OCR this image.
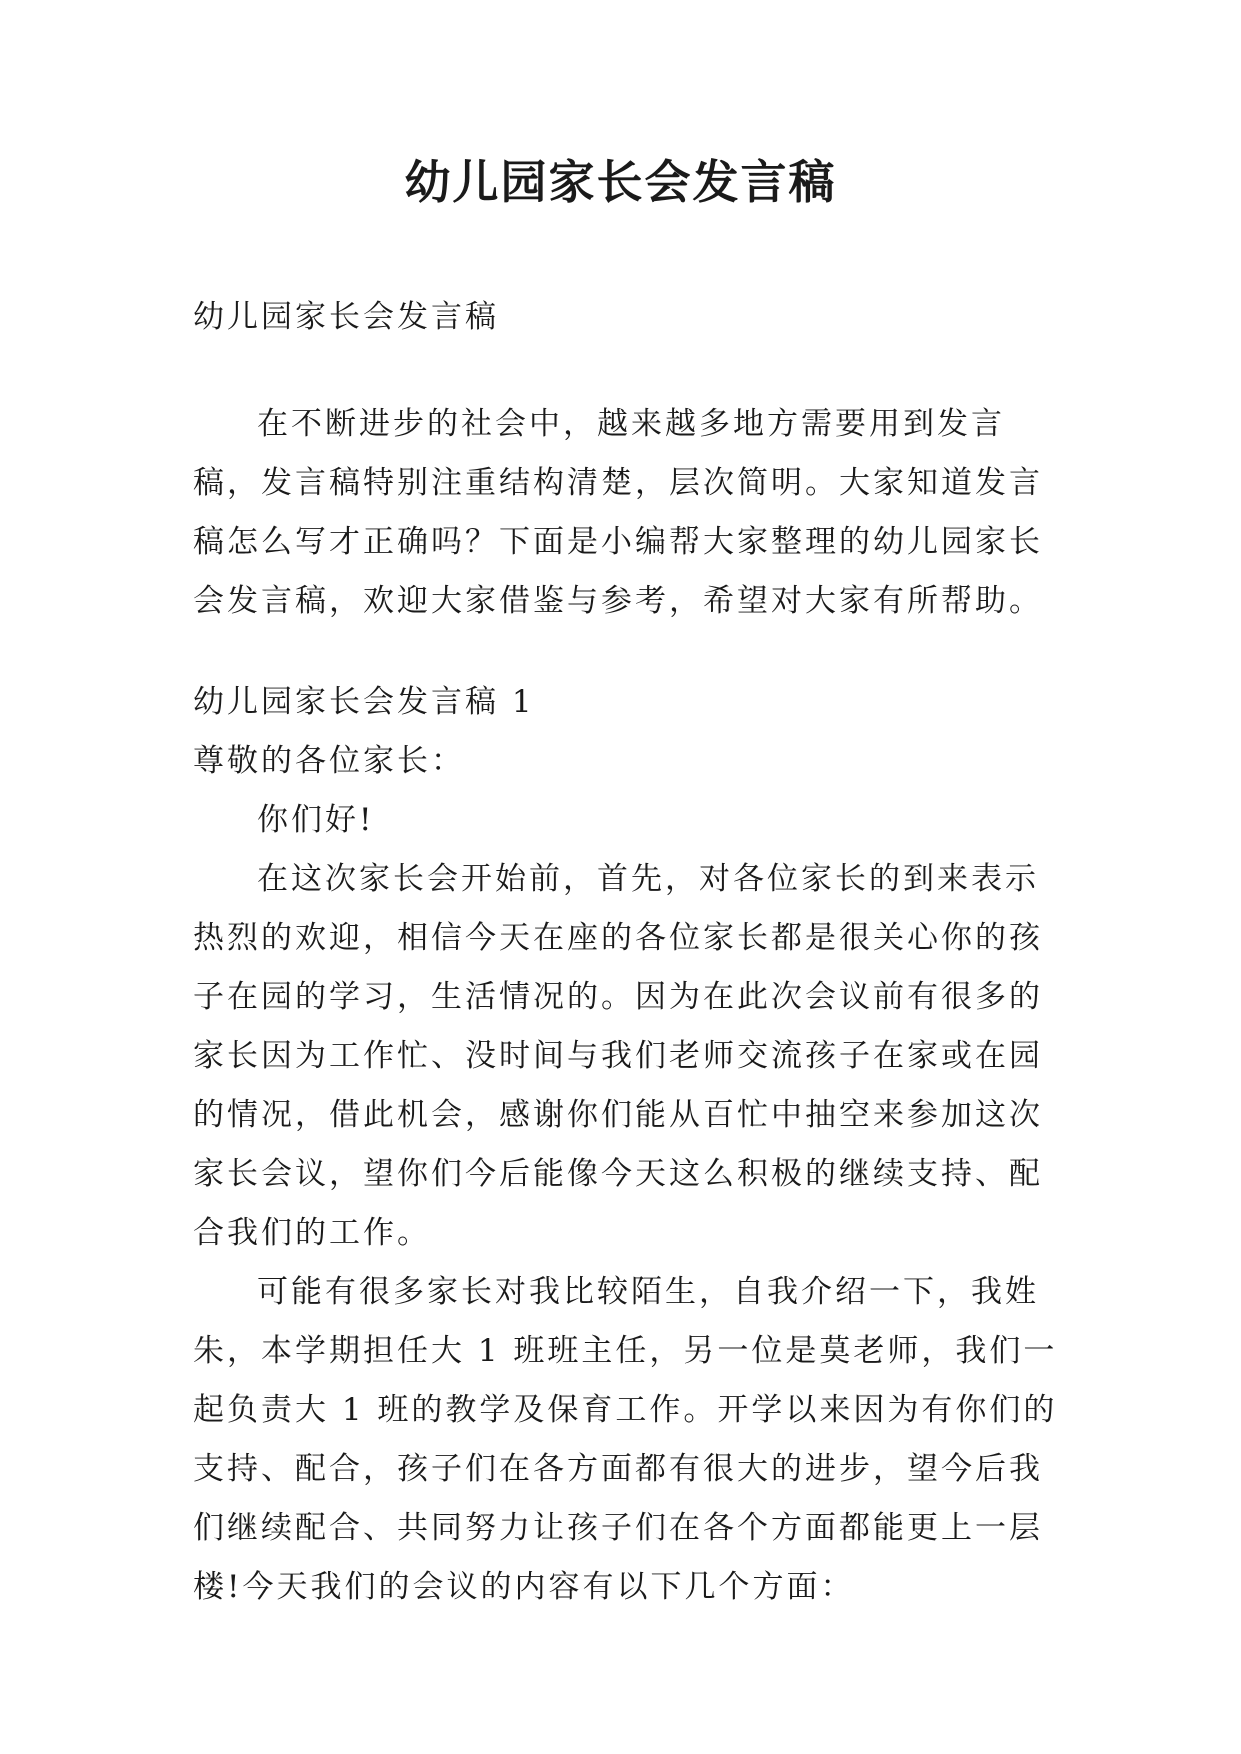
幼儿园家长会发言稿

幼儿园家长会发言稿

在不断进步的社会中，越来越多地方需要用到发言稿，发言稿特别注重结构清楚，层次简明。大家知道发言稿怎么写才正确吗？下面是小编帮大家整理的幼儿园家长会发言稿，欢迎大家借鉴与参考，希望对大家有所帮助。

幼儿园家长会发言稿 1

尊敬的各位家长：

你们好!

在这次家长会开始前，首先，对各位家长的到来表示热烈的欢迎，相信今天在座的各位家长都是很关心你的孩子在园的学习，生活情况的。因为在此次会议前有很多的家长因为工作忙、没时间与我们老师交流孩子在家或在园的情况，借此机会，感谢你们能从百忙中抽空来参加这次家长会议，望你们今后能像今天这么积极的继续支持、配合我们的工作。

可能有很多家长对我比较陌生，自我介绍一下，我姓朱，本学期担任大 1 班班主任，另一位是莫老师，我们一起负责大 1 班的教学及保育工作。开学以来因为有你们的支持、配合，孩子们在各方面都有很大的进步，望今后我们继续配合、共同努力让孩子们在各个方面都能更上一层楼!今天我们的会议的内容有以下几个方面：
